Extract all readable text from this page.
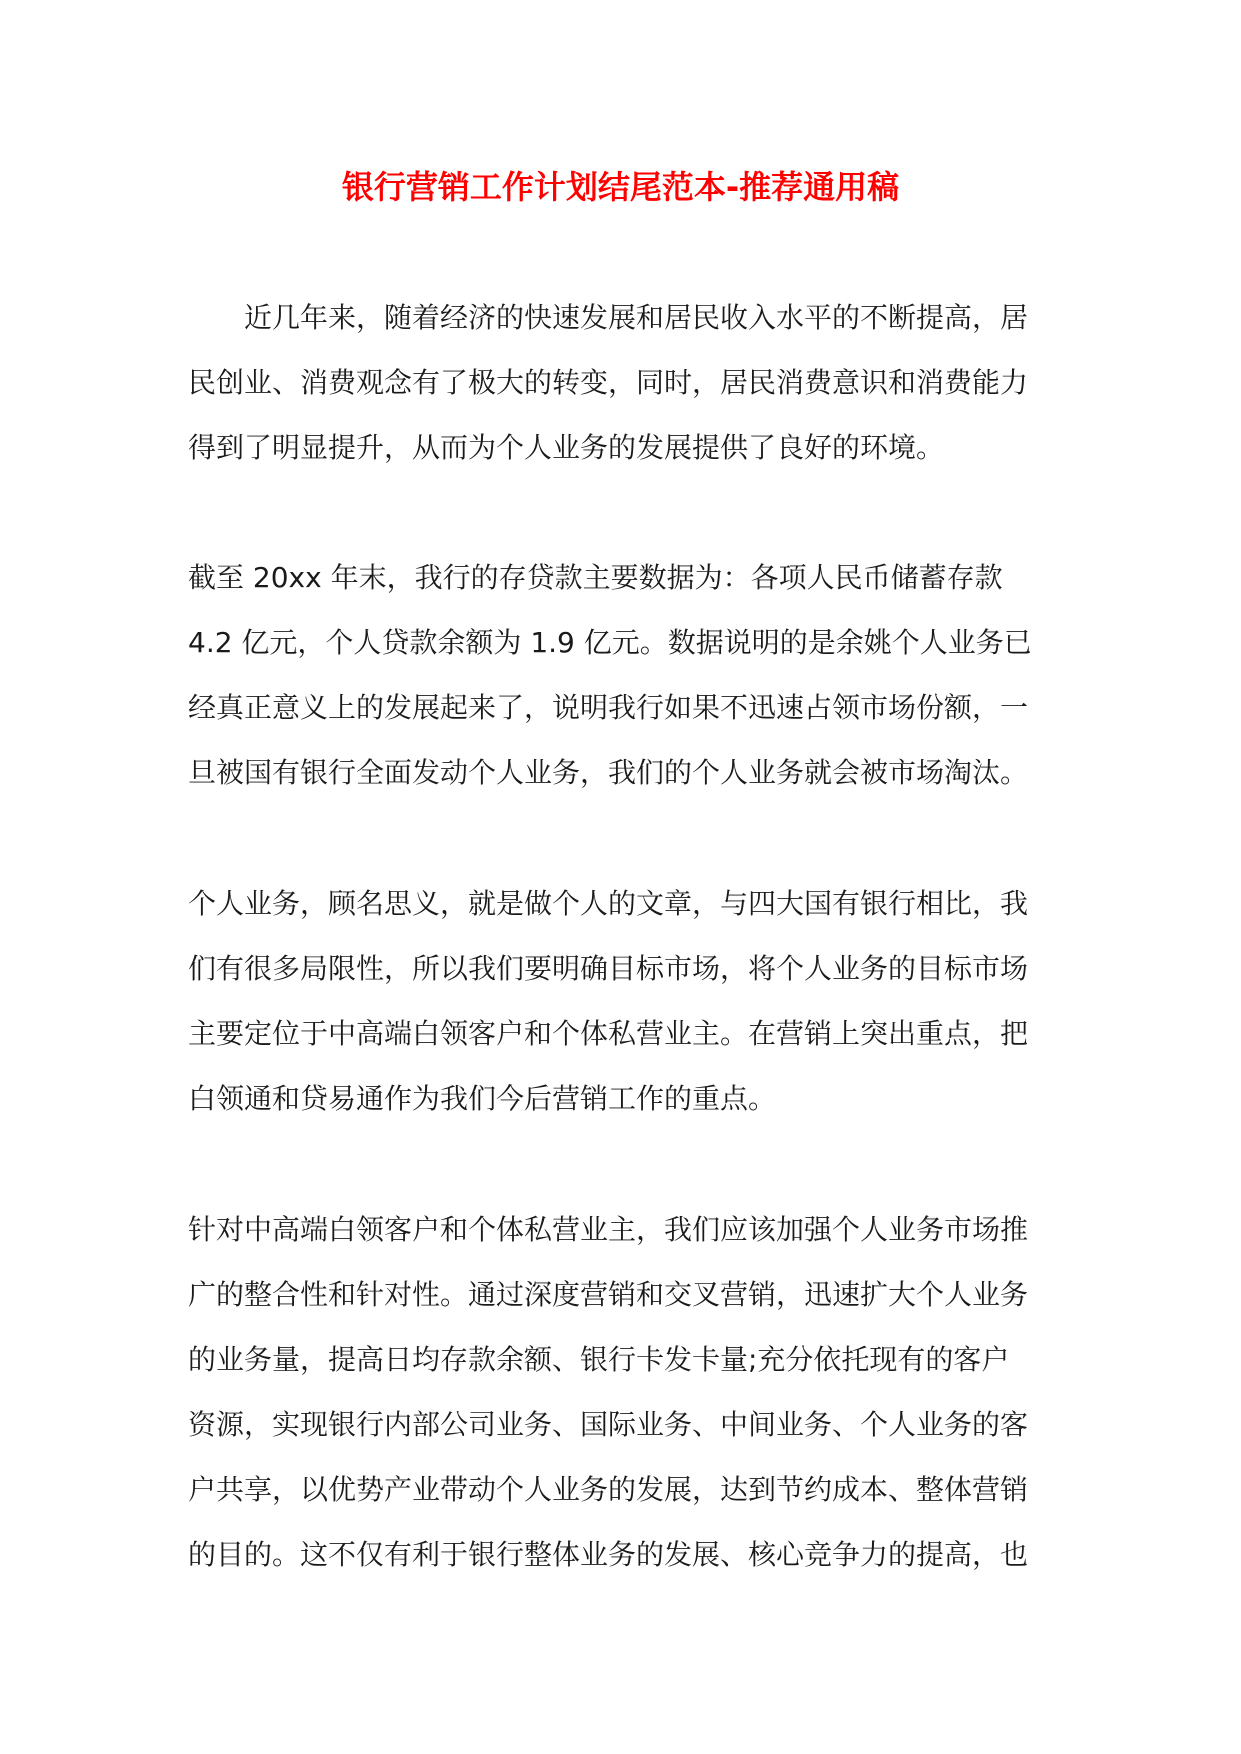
银行营销工作计划结尾范本-推荐通用稿
近几年来，随着经济的快速发展和居民收入水平的不断提高，居
民创业、消费观念有了极大的转变，同时，居民消费意识和消费能力
得到了明显提升，从而为个人业务的发展提供了良好的环境。
截至 20xx 年末，我行的存贷款主要数据为：各项人民币储蓄存款
4.2 亿元，个人贷款余额为 1.9 亿元。数据说明的是余姚个人业务已
经真正意义上的发展起来了，说明我行如果不迅速占领市场份额，一
旦被国有银行全面发动个人业务，我们的个人业务就会被市场淘汰。
个人业务，顾名思义，就是做个人的文章，与四大国有银行相比，我
们有很多局限性，所以我们要明确目标市场，将个人业务的目标市场
主要定位于中高端白领客户和个体私营业主。在营销上突出重点，把
白领通和贷易通作为我们今后营销工作的重点。
针对中高端白领客户和个体私营业主，我们应该加强个人业务市场推
广的整合性和针对性。通过深度营销和交叉营销，迅速扩大个人业务
的业务量，提高日均存款余额、银行卡发卡量;充分依托现有的客户
资源，实现银行内部公司业务、国际业务、中间业务、个人业务的客
户共享，以优势产业带动个人业务的发展，达到节约成本、整体营销
的目的。这不仅有利于银行整体业务的发展、核心竞争力的提高，也
